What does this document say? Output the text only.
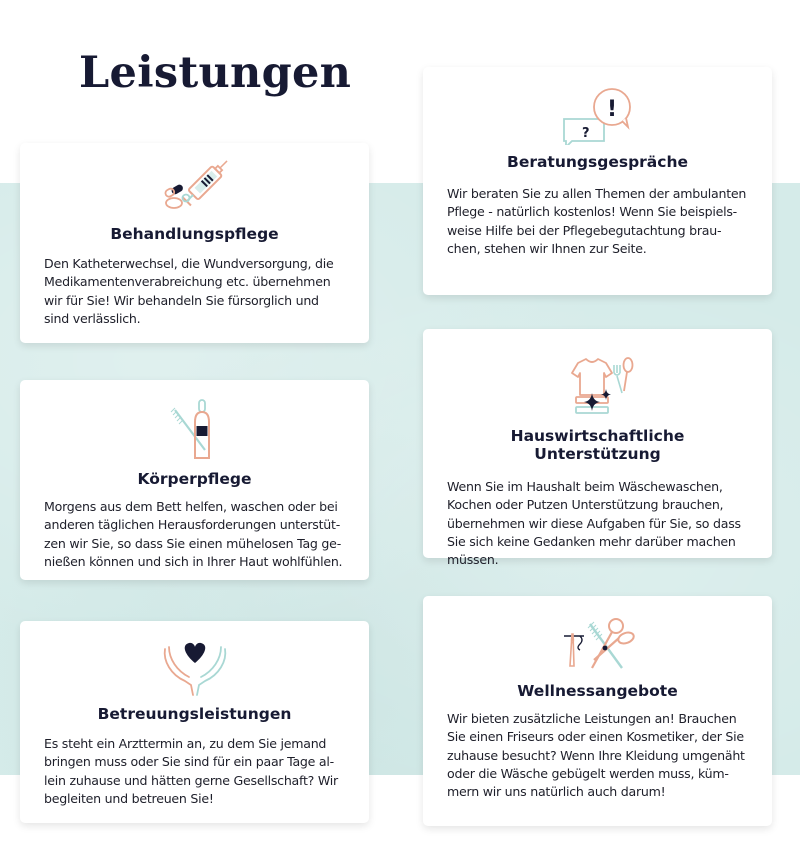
Leistungen
Behandlungspflege

Den Katheterwechsel, die Wundversorgung, die Medikamentenverabreichung etc. übernehmen wir für Sie! Wir behandeln Sie fürsorglich und sind verlässlich.

Körperpflege

Morgens aus dem Bett helfen, waschen oder bei anderen täglichen Herausforderungen unterstützen wir Sie, so dass Sie einen mühelosen Tag genießen können und sich in Ihrer Haut wohlfühlen.

Betreuungsleistungen

Es steht ein Arzttermin an, zu dem Sie jemand bringen muss oder Sie sind für ein paar Tage allein zuhause und hätten gerne Gesellschaft? Wir begleiten und betreuen Sie!

?
!
Beratungsgespräche

Wir beraten Sie zu allen Themen der ambulanten Pflege - natürlich kostenlos! Wenn Sie beispielsweise Hilfe bei der Pflegebegutachtung brauchen, stehen wir Ihnen zur Seite.

Hauswirtschaftliche Unterstützung

Wenn Sie im Haushalt beim Wäschewaschen, Kochen oder Putzen Unterstützung brauchen, übernehmen wir diese Aufgaben für Sie, so dass Sie sich keine Gedanken mehr darüber machen müssen.

Wellnessangebote

Wir bieten zusätzliche Leistungen an! Brauchen Sie einen Friseurs oder einen Kosmetiker, der Sie zuhause besucht? Wenn Ihre Kleidung umgenäht oder die Wäsche gebügelt werden muss, kümmern wir uns natürlich auch darum!
